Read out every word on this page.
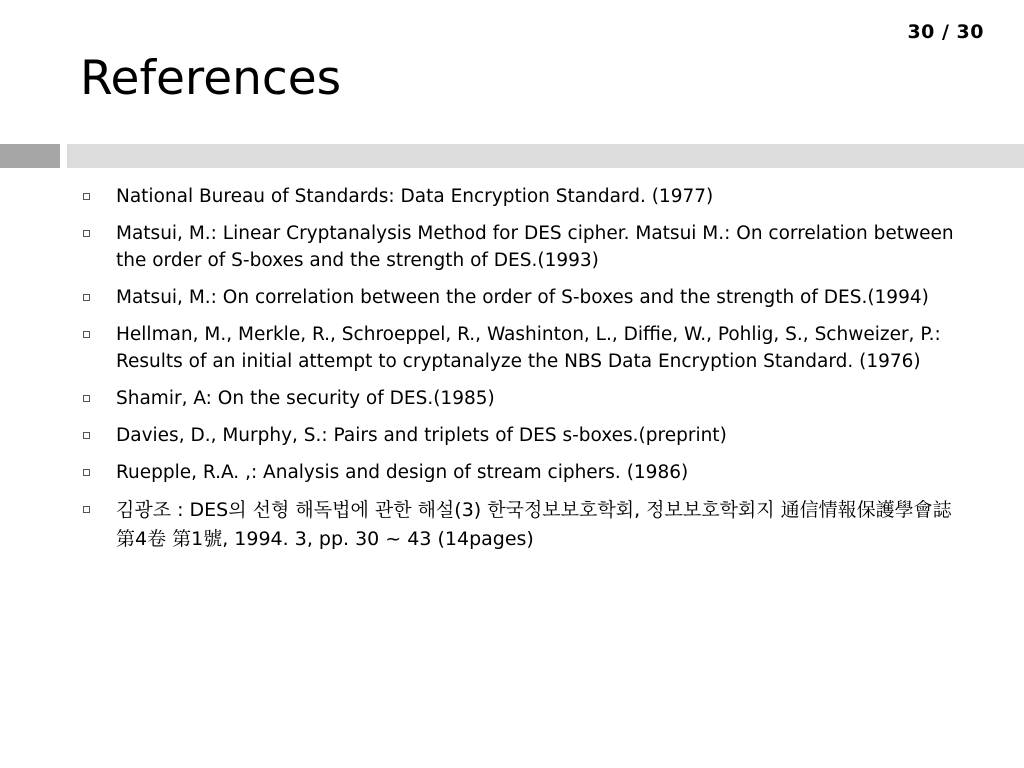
30 / 30
References
National Bureau of Standards: Data Encryption Standard. (1977)
Matsui, M.: Linear Cryptanalysis Method for DES cipher. Matsui M.: On correlation between the order of S-boxes and the strength of DES.(1993)
Matsui, M.: On correlation between the order of S-boxes and the strength of DES.(1994)
Hellman, M., Merkle, R., Schroeppel, R., Washinton, L., Diffie, W., Pohlig, S., Schweizer, P.: Results of an initial attempt to cryptanalyze the NBS Data Encryption Standard. (1976)
Shamir, A: On the security of DES.(1985)
Davies, D., Murphy, S.: Pairs and triplets of DES s-boxes.(preprint)
Ruepple, R.A. ,: Analysis and design of stream ciphers. (1986)
김광조 : DES의 선형 해독법에 관한 해설(3) 한국정보보호학회, 정보보호학회지 通信情報保護學會誌 第4卷 第1號, 1994. 3, pp. 30 ~ 43 (14pages)
